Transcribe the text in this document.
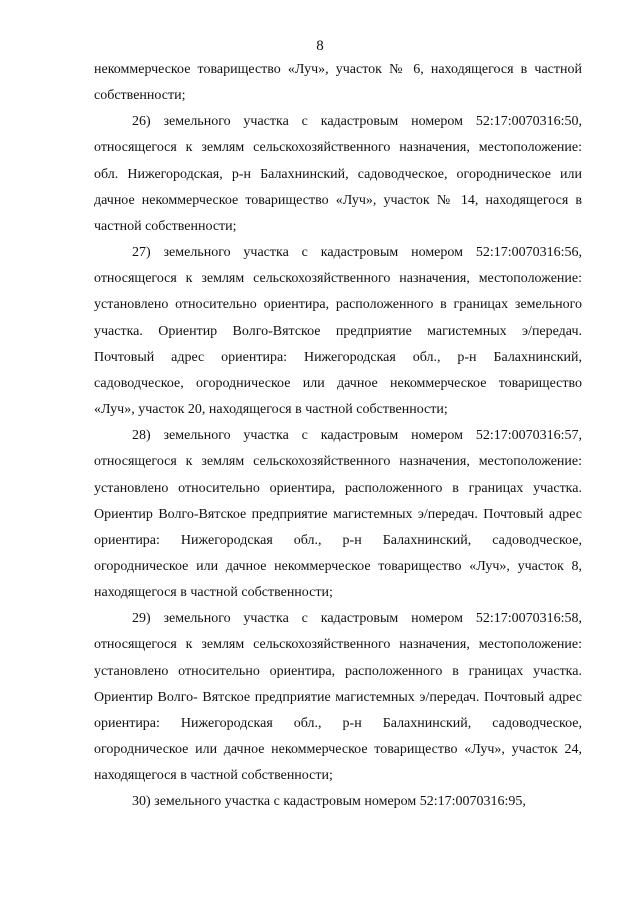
8

некоммерческое товарищество «Луч», участок № 6, находящегося в частной собственности;

26) земельного участка с кадастровым номером 52:17:0070316:50, относящегося к землям сельскохозяйственного назначения, местоположение: обл. Нижегородская, р-н Балахнинский, садоводческое, огородническое или дачное некоммерческое товарищество «Луч», участок № 14, находящегося в частной собственности;

27) земельного участка с кадастровым номером 52:17:0070316:56, относящегося к землям сельскохозяйственного назначения, местоположение: установлено относительно ориентира, расположенного в границах земельного участка. Ориентир Волго-Вятское предприятие магистемных э/передач. Почтовый адрес ориентира: Нижегородская обл., р-н Балахнинский, садоводческое, огородническое или дачное некоммерческое товарищество «Луч», участок 20, находящегося в частной собственности;

28) земельного участка с кадастровым номером 52:17:0070316:57, относящегося к землям сельскохозяйственного назначения, местоположение: установлено относительно ориентира, расположенного в границах участка. Ориентир Волго-Вятское предприятие магистемных э/передач. Почтовый адрес ориентира: Нижегородская обл., р-н Балахнинский, садоводческое, огородническое или дачное некоммерческое товарищество «Луч», участок 8, находящегося в частной собственности;

29) земельного участка с кадастровым номером 52:17:0070316:58, относящегося к землям сельскохозяйственного назначения, местоположение: установлено относительно ориентира, расположенного в границах участка. Ориентир Волго- Вятское предприятие магистемных э/передач. Почтовый адрес ориентира: Нижегородская обл., р-н Балахнинский, садоводческое, огородническое или дачное некоммерческое товарищество «Луч», участок 24, находящегося в частной собственности;

30) земельного участка с кадастровым номером 52:17:0070316:95,
